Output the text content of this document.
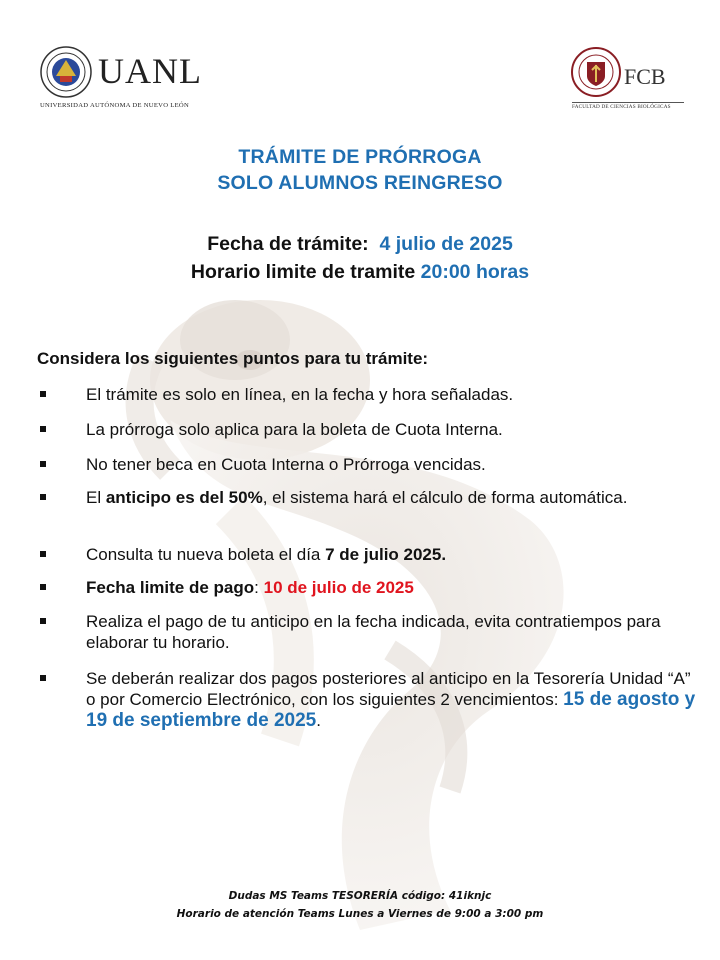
UANL
UNIVERSIDAD AUTÓNOMA DE NUEVO LEÓN
FCB
FACULTAD DE CIENCIAS BIOLÓGICAS
TRÁMITE DE PRÓRROGA
SOLO ALUMNOS REINGRESO
Fecha de trámite: 4 julio de 2025
Horario limite de tramite 20:00 horas
Considera los siguientes puntos para tu trámite:
El trámite es solo en línea, en la fecha y hora señaladas.
La prórroga solo aplica para la boleta de Cuota Interna.
No tener beca en Cuota Interna o Prórroga vencidas.
El anticipo es del 50%, el sistema hará el cálculo de forma automática.
Consulta tu nueva boleta el día 7 de julio 2025.
Fecha limite de pago: 10 de julio de 2025
Realiza el pago de tu anticipo en la fecha indicada, evita contratiempos para elaborar tu horario.
Se deberán realizar dos pagos posteriores al anticipo en la Tesorería Unidad “A” o por Comercio Electrónico, con los siguientes 2 vencimientos: 15 de agosto y 19 de septiembre de 2025.
Dudas MS Teams TESORERÍA código: 41iknjc
Horario de atención Teams Lunes a Viernes de 9:00 a 3:00 pm
